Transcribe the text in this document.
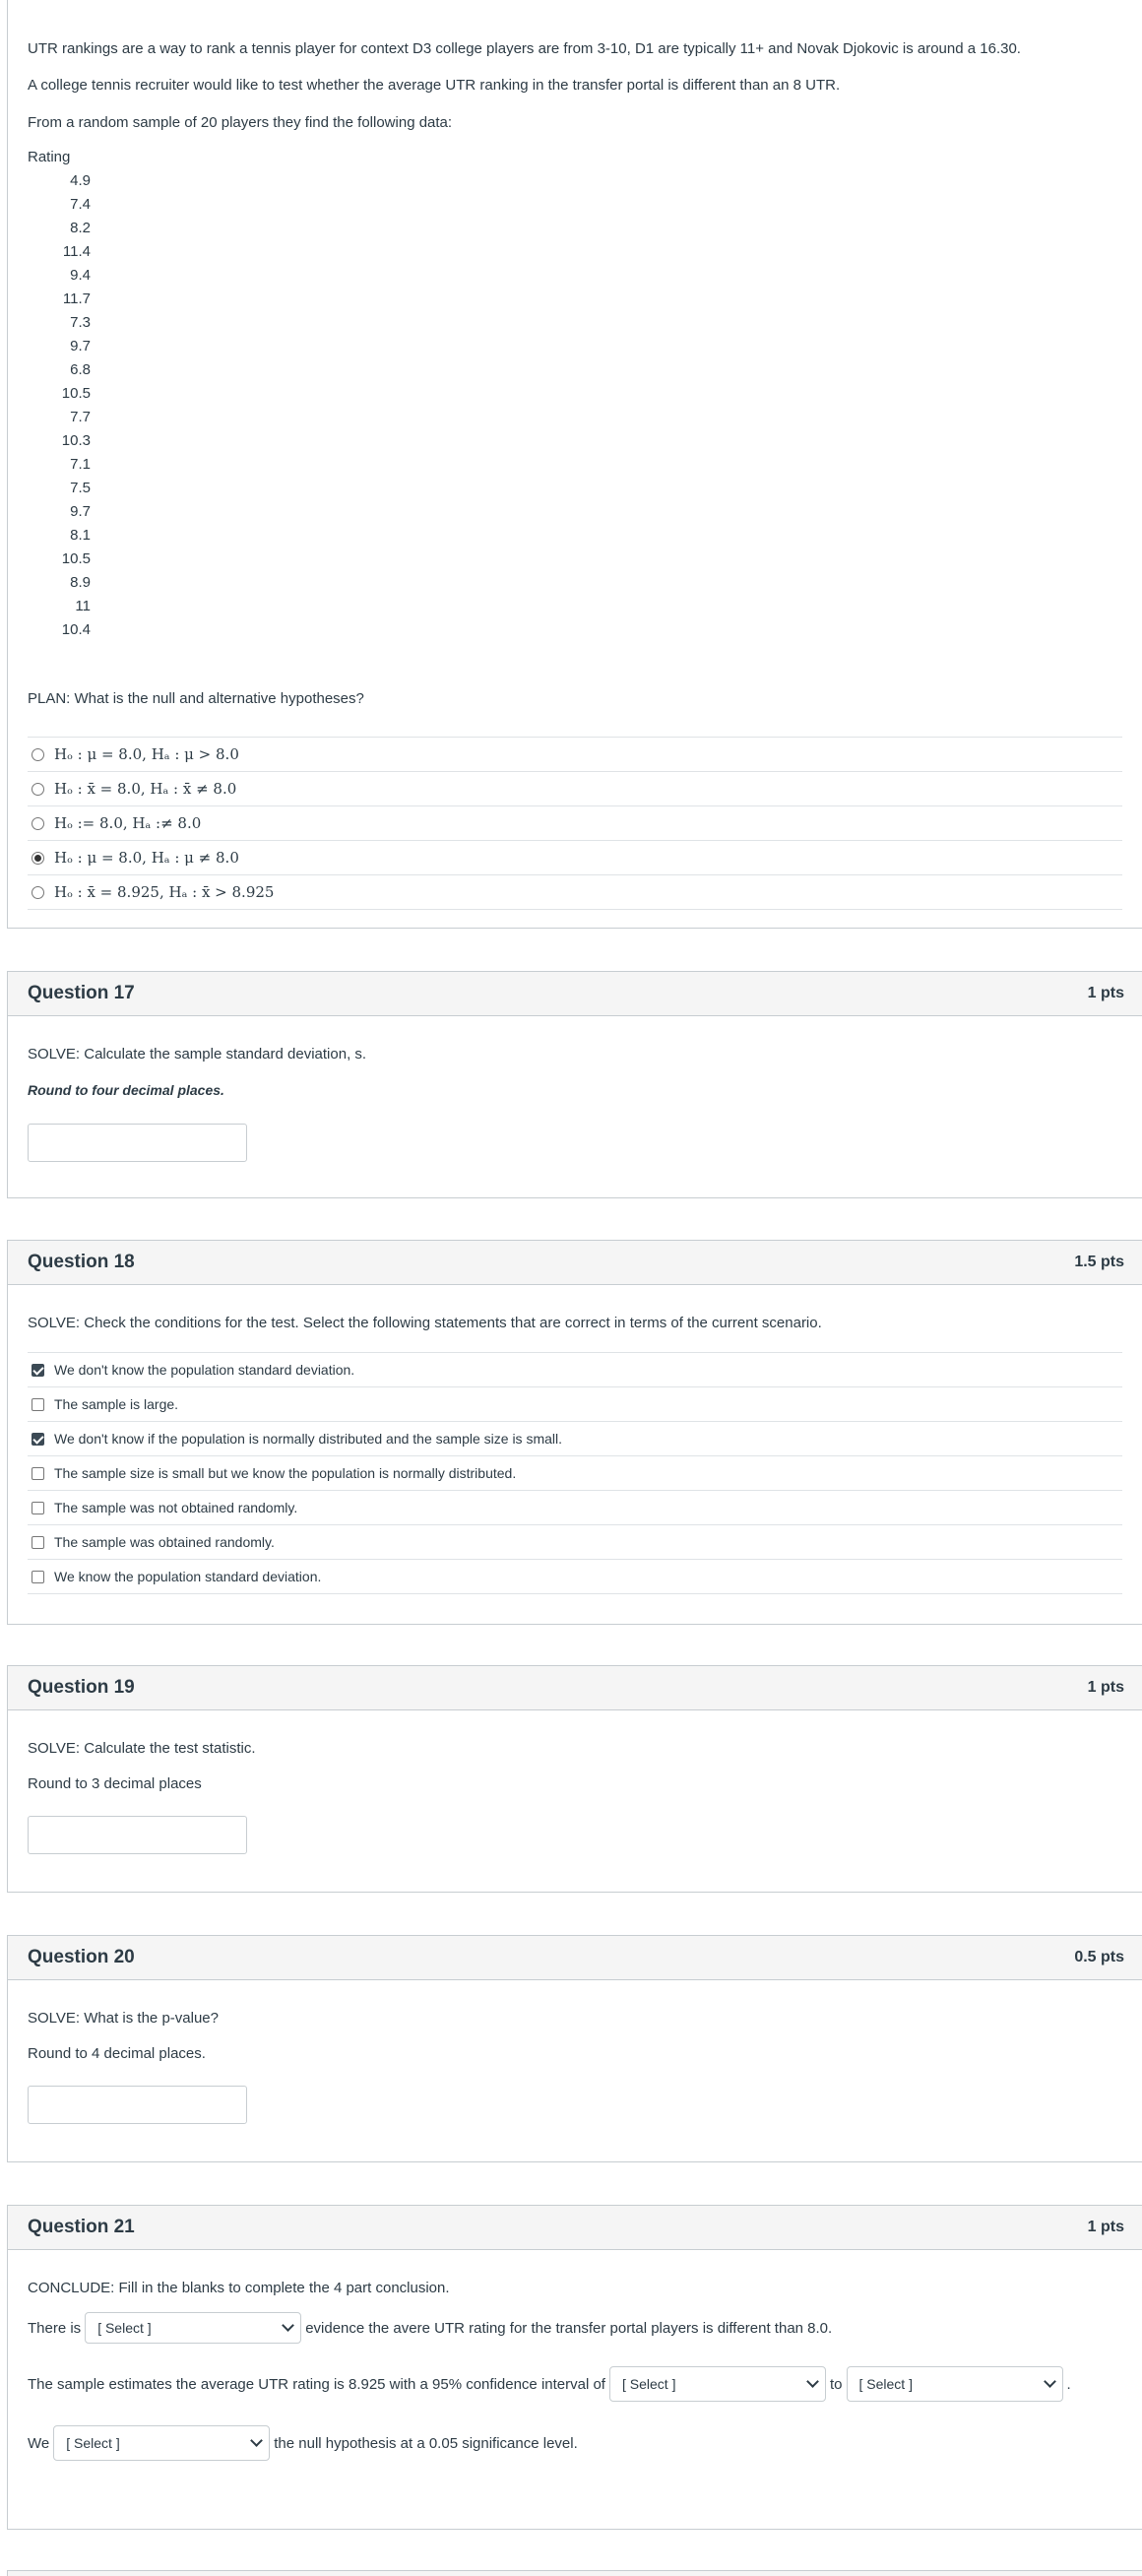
UTR rankings are a way to rank a tennis player for context D3 college players are from 3-10, D1 are typically 11+ and Novak Djokovic is around a 16.30.

A college tennis recruiter would like to test whether the average UTR ranking in the transfer portal is different than an 8 UTR.

From a random sample of 20 players they find the following data:

Rating
4.9
7.4
8.2
11.4
9.4
11.7
7.3
9.7
6.8
10.5
7.7
10.3
7.1
7.5
9.7
8.1
10.5
8.9
11
10.4

PLAN: What is the null and alternative hypotheses?

Hₒ : μ = 8.0, Hₐ : μ > 8.0
Hₒ : x̄ = 8.0, Hₐ : x̄ ≠ 8.0
Hₒ := 8.0, Hₐ :≠ 8.0
Hₒ : μ = 8.0, Hₐ : μ ≠ 8.0
Hₒ : x̄ = 8.925, Hₐ : x̄ > 8.925
Question 17	1 pts

SOLVE: Calculate the sample standard deviation, s.

Round to four decimal places.

Question 18	1.5 pts

SOLVE: Check the conditions for the test. Select the following statements that are correct in terms of the current scenario.

We don't know the population standard deviation.
The sample is large.
We don't know if the population is normally distributed and the sample size is small.
The sample size is small but we know the population is normally distributed.
The sample was not obtained randomly.
The sample was obtained randomly.
We know the population standard deviation.
Question 19	1 pts

SOLVE: Calculate the test statistic.

Round to 3 decimal places

Question 20	0.5 pts

SOLVE: What is the p-value?

Round to 4 decimal places.

Question 21	1 pts

CONCLUDE: Fill in the blanks to complete the 4 part conclusion.

There is [ Select ]	evidence the avere UTR rating for the transfer portal players is different than 8.0.
The sample estimates the average UTR rating is 8.925 with a 95% confidence interval of [ Select ]	to [ Select ]	.
We [ Select ]	the null hypothesis at a 0.05 significance level.
